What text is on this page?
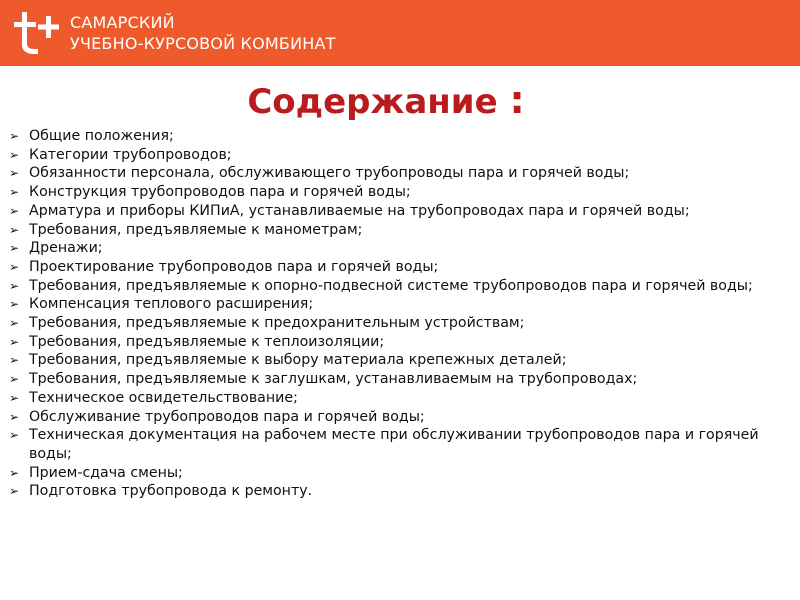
САМАРСКИЙ
УЧЕБНО-КУРСОВОЙ КОМБИНАТ
Содержание :
➢ Общие положения;
➢ Категории трубопроводов;
➢ Обязанности персонала, обслуживающего трубопроводы пара и горячей воды;
➢ Конструкция трубопроводов пара и горячей воды;
➢ Арматура и приборы КИПиА, устанавливаемые на трубопроводах пара и горячей воды;
➢ Требования, предъявляемые к манометрам;
➢ Дренажи;
➢ Проектирование трубопроводов пара и горячей воды;
➢ Требования, предъявляемые к опорно-подвесной системе трубопроводов пара и горячей воды;
➢ Компенсация теплового расширения;
➢ Требования, предъявляемые к предохранительным устройствам;
➢ Требования, предъявляемые к теплоизоляции;
➢ Требования, предъявляемые к выбору материала крепежных деталей;
➢ Требования, предъявляемые к заглушкам, устанавливаемым на трубопроводах;
➢ Техническое освидетельствование;
➢ Обслуживание трубопроводов пара и горячей воды;
➢ Техническая документация на рабочем месте при обслуживании трубопроводов пара и горячей воды;
➢ Прием-сдача смены;
➢ Подготовка трубопровода к ремонту.
